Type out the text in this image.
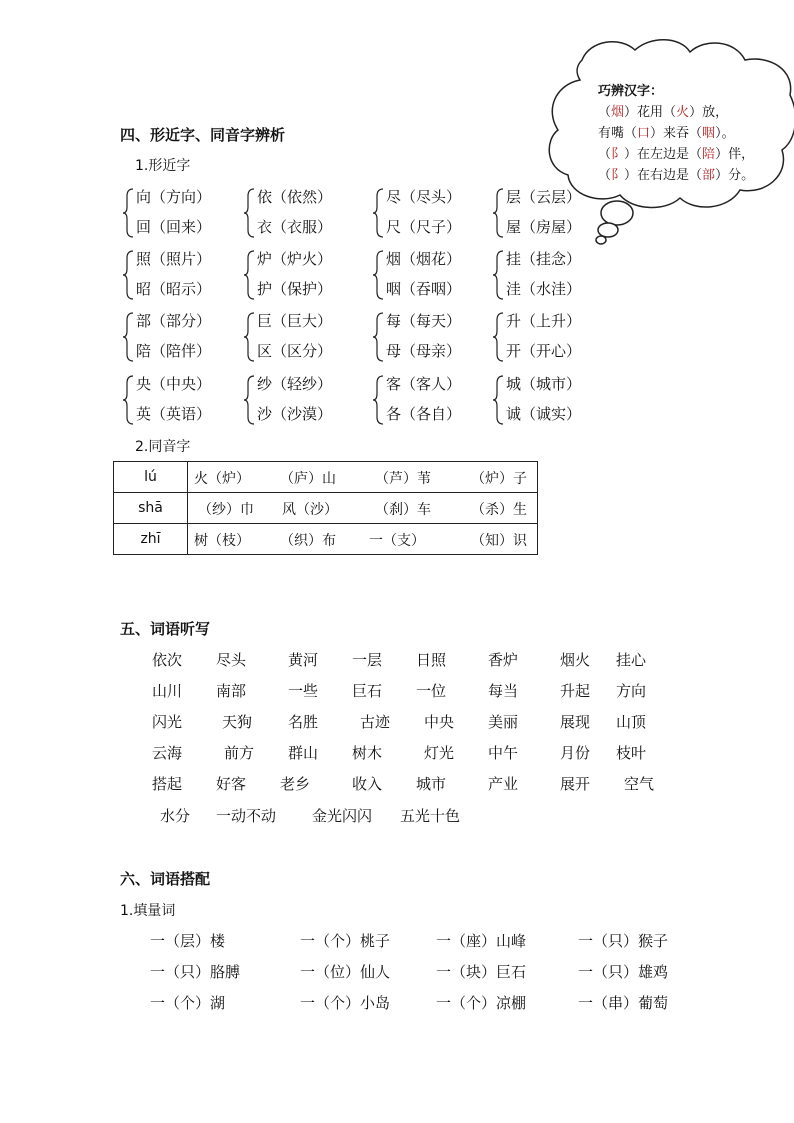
巧辨汉字：
（烟）花用（火）放，
有嘴（口）来吞（咽）。
（阝）在左边是（陪）伴，
（阝）在右边是（部）分。
四、形近字、同音字辨析
1.形近字
向（方向）
回（回来）
依（依然）
衣（衣服）
尽（尽头）
尺（尺子）
层（云层）
屋（房屋）
照（照片）
昭（昭示）
炉（炉火）
护（保护）
烟（烟花）
咽（吞咽）
挂（挂念）
洼（水洼）
部（部分）
陪（陪伴）
巨（巨大）
区（区分）
每（每天）
母（母亲）
升（上升）
开（开心）
央（中央）
英（英语）
纱（轻纱）
沙（沙漠）
客（客人）
各（各自）
城（城市）
诚（诚实）
2.同音字
lú	火（炉） （庐）山 （芦）苇 （炉）子

shā	（纱）巾 风（沙） （刹）车 （杀）生

zhī	树（枝） （织）布 一（支） （知）识
五、词语听写
依次 尽头	黄河 一层 日照	香炉	烟火 挂心
山川 南部	一些 巨石 一位	每当	升起 方向
闪光	天狗 名胜	古迹 中央 美丽	展现 山顶
云海	前方 群山 树木	灯光 中午	月份 枝叶
搭起 好客 老乡	收入 城市	产业	展开 空气
水分 一动不动 金光闪闪 五光十色
六、词语搭配
1.填量词
一（层）楼	一（个）桃子	一（座）山峰	一（只）猴子
一（只）胳膊	一（位）仙人	一（块）巨石	一（只）雄鸡
一（个）湖	一（个）小岛	一（个）凉棚	一（串）葡萄
